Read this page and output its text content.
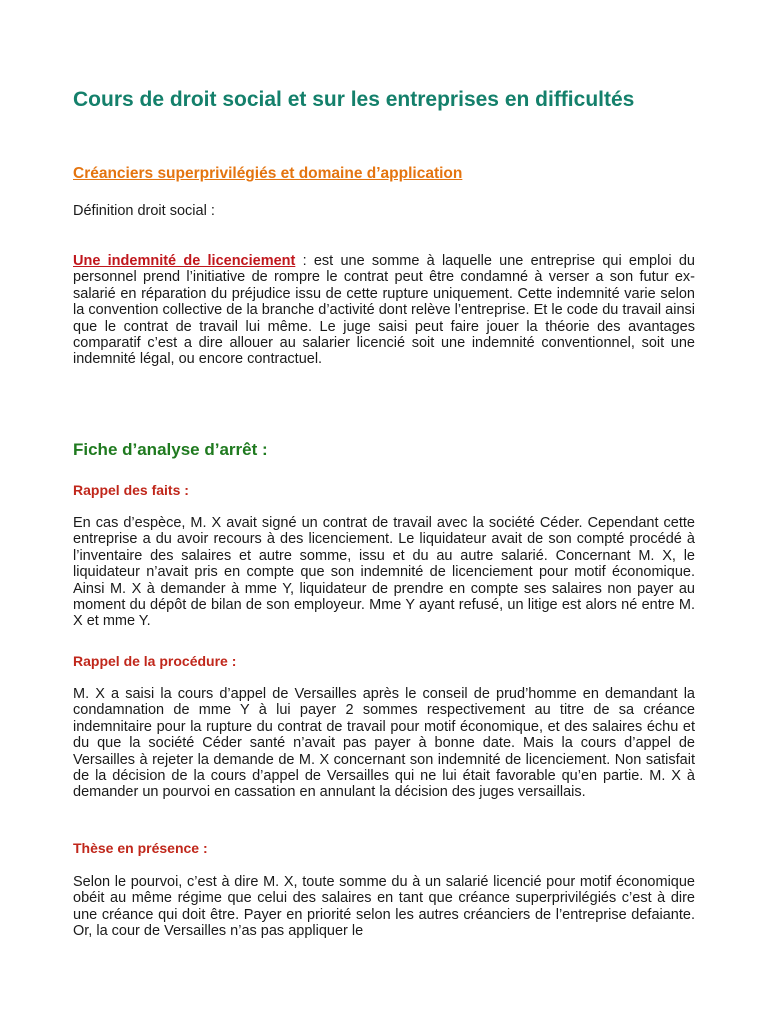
Cours de droit social et sur les entreprises en difficultés
Créanciers superprivilégiés et domaine d’application

Définition droit social :

Une indemnité de licenciement : est une somme à laquelle une entreprise qui emploi du personnel prend l’initiative de rompre le contrat peut être condamné à verser a son futur ex-salarié en réparation du préjudice issu de cette rupture uniquement. Cette indemnité varie selon la convention collective de la branche d’activité dont relève l’entreprise. Et le code du travail ainsi que le contrat de travail lui même. Le juge saisi peut faire jouer la théorie des avantages comparatif c’est a dire allouer au salarier licencié soit une indemnité conventionnel, soit une indemnité légal, ou encore contractuel.

Fiche d’analyse d’arrêt :
Rappel des faits :

En cas d’espèce, M. X avait signé un contrat de travail avec la société Céder. Cependant cette entreprise a du avoir recours à des licenciement. Le liquidateur avait de son compté procédé à l’inventaire des salaires et autre somme, issu et du au autre salarié. Concernant M. X, le liquidateur n’avait pris en compte que son indemnité de licenciement pour motif économique. Ainsi M. X à demander à mme Y, liquidateur de prendre en compte ses salaires non payer au moment du dépôt de bilan de son employeur. Mme Y ayant refusé, un litige est alors né entre M. X et mme Y.

Rappel de la procédure :

M. X a saisi la cours d’appel de Versailles après le conseil de prud’homme en demandant la condamnation de mme Y à lui payer 2 sommes respectivement au titre de sa créance indemnitaire pour la rupture du contrat de travail pour motif économique, et des salaires échu et du que la société Céder santé n’avait pas payer à bonne date. Mais la cours d’appel de Versailles à rejeter la demande de M. X concernant son indemnité de licenciement. Non satisfait de la décision de la cours d’appel de Versailles qui ne lui était favorable qu’en partie. M. X à demander un pourvoi en cassation en annulant la décision des juges versaillais.

Thèse en présence :

Selon le pourvoi, c’est à dire M. X, toute somme du à un salarié licencié pour motif économique obéit au même régime que celui des salaires en tant que créance superprivilégiés c’est à dire une créance qui doit être. Payer en priorité selon les autres créanciers de l’entreprise defaiante. Or, la cour de Versailles n’as pas appliquer le
